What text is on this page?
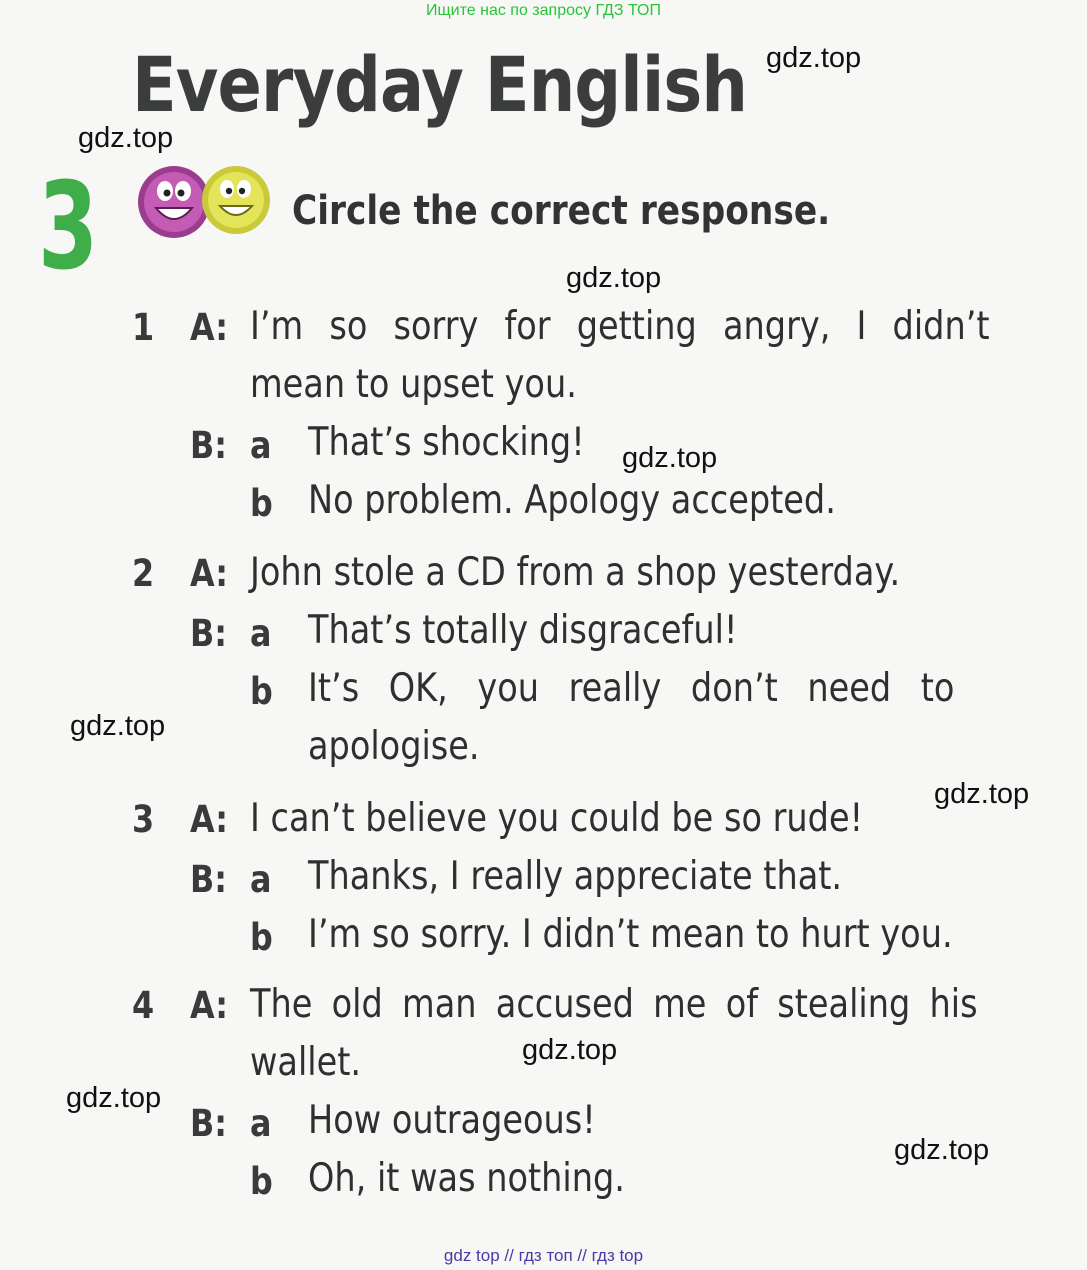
Ищите нас по запросу ГДЗ ТОП
Everyday English gdz.top
gdz.top
gdz.top
gdz.top
gdz.top
gdz.top
gdz.top
gdz.top
gdz.top
3	Circle the correct response.
1 A: I’m so sorry for getting angry, I didn’t
mean to upset you.
B: a That’s shocking!
b No problem. Apology accepted.
2 A: John stole a CD from a shop yesterday.
B: a That’s totally disgraceful!
b It’s OK, you really don’t need to
apologise.
3 A: I can’t believe you could be so rude!
B: a Thanks, I really appreciate that.
b I’m so sorry. I didn’t mean to hurt you.
4 A: The old man accused me of stealing his
wallet.
B: a How outrageous!
b Oh, it was nothing.
gdz top // гдз топ // гдз top
